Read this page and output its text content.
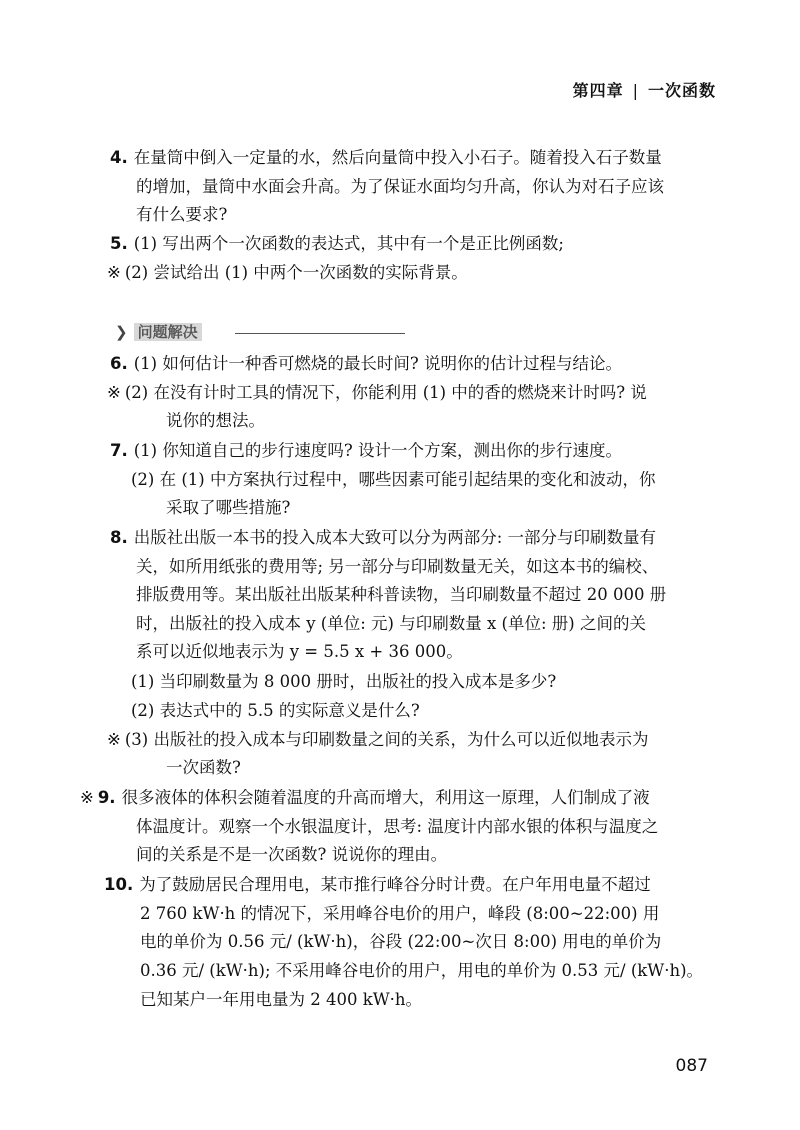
第四章 | 一次函数
❯ 问题解决
4. 在量筒中倒入一定量的水，然后向量筒中投入小石子。随着投入石子数量
的增加，量筒中水面会升高。为了保证水面均匀升高，你认为对石子应该
有什么要求?
5. (1) 写出两个一次函数的表达式，其中有一个是正比例函数;
※ (2) 尝试给出 (1) 中两个一次函数的实际背景。
6. (1) 如何估计一种香可燃烧的最长时间? 说明你的估计过程与结论。
※ (2) 在没有计时工具的情况下，你能利用 (1) 中的香的燃烧来计时吗? 说
说你的想法。
7. (1) 你知道自己的步行速度吗? 设计一个方案，测出你的步行速度。
(2) 在 (1) 中方案执行过程中，哪些因素可能引起结果的变化和波动，你
采取了哪些措施?
8. 出版社出版一本书的投入成本大致可以分为两部分: 一部分与印刷数量有
关，如所用纸张的费用等; 另一部分与印刷数量无关，如这本书的编校、
排版费用等。某出版社出版某种科普读物，当印刷数量不超过 20 000 册
时，出版社的投入成本 y (单位: 元) 与印刷数量 x (单位: 册) 之间的关
系可以近似地表示为 y = 5.5 x + 36 000。
(1) 当印刷数量为 8 000 册时，出版社的投入成本是多少?
(2) 表达式中的 5.5 的实际意义是什么?
※ (3) 出版社的投入成本与印刷数量之间的关系，为什么可以近似地表示为
一次函数?
※ 9. 很多液体的体积会随着温度的升高而增大，利用这一原理，人们制成了液
体温度计。观察一个水银温度计，思考: 温度计内部水银的体积与温度之
间的关系是不是一次函数? 说说你的理由。
10. 为了鼓励居民合理用电，某市推行峰谷分时计费。在户年用电量不超过
2 760 kW·h 的情况下，采用峰谷电价的用户，峰段 (8:00~22:00) 用
电的单价为 0.56 元/ (kW·h)，谷段 (22:00~次日 8:00) 用电的单价为
0.36 元/ (kW·h); 不采用峰谷电价的用户，用电的单价为 0.53 元/ (kW·h)。
已知某户一年用电量为 2 400 kW·h。
087
